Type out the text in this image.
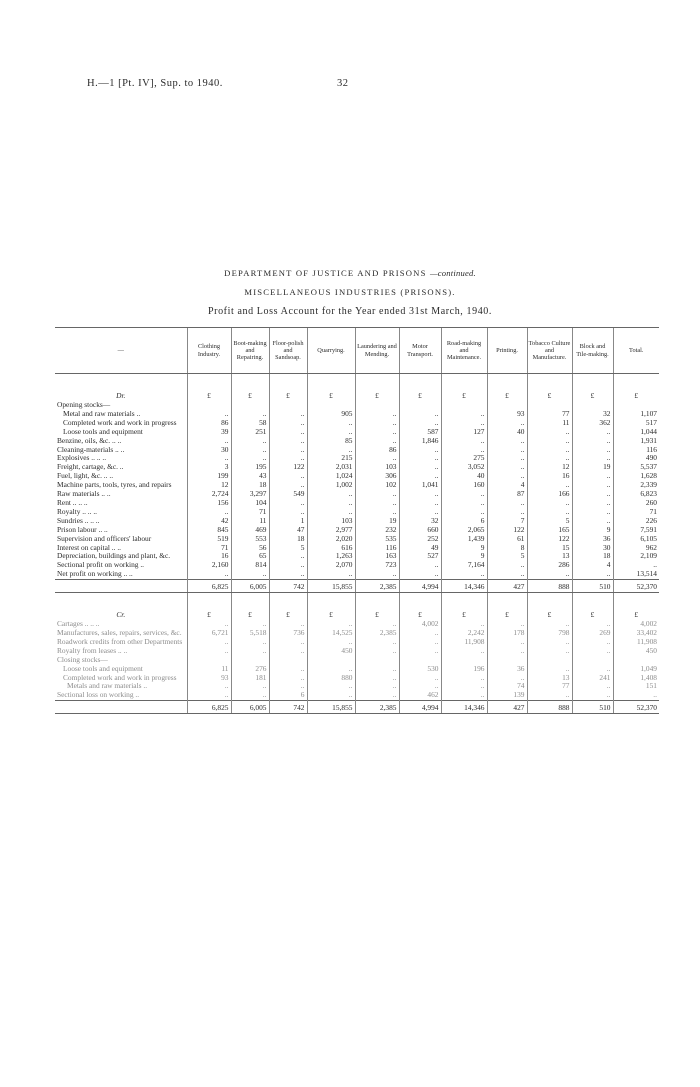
H.—1 [Pt. IV], Sup. to 1940.	32
DEPARTMENT OF JUSTICE AND PRISONS —continued.
MISCELLANEOUS INDUSTRIES (PRISONS).
Profit and Loss Account for the Year ended 31st March, 1940.
—	Clothing Industry.	Boot-making and Repairing.	Floor-polish and Sandsoap.	Quarrying.	Laundering and Mending.	Motor Transport.	Road-making and Maintenance.	Printing.	Tobacco Culture and Manufacture.	Block and Tile-making.	Total.

Dr.	£	£	£	£	£	£	£	£	£	£	£
Opening stocks—											
Metal and raw materials ..	..	..	..	905	..	..	..	93	77	32	1,107
Completed work and work in progress	86	58	..	..	..	..	..	..	11	362	517
Loose tools and equipment	39	251	..	..	..	587	127	40	..	..	1,044
Benzine, oils, &c. .. ..	..	..	..	85	..	1,846	..	..	..	..	1,931
Cleaning-materials .. ..	30	..	..	..	86	..	..	..	..	..	116
Explosives .. .. ..	..	..	..	215	..	..	275	..	..	..	490
Freight, cartage, &c. ..	3	195	122	2,031	103	..	3,052	..	12	19	5,537
Fuel, light, &c. .. ..	199	43	..	1,024	306	..	40	..	16	..	1,628
Machine parts, tools, tyres, and repairs	12	18	..	1,002	102	1,041	160	4	..	..	2,339
Raw materials .. ..	2,724	3,297	549	..	..	..	..	87	166	..	6,823
Rent .. .. ..	156	104	..	..	..	..	..	..	..	..	260
Royalty .. .. ..	..	71	..	..	..	..	..	..	..	..	71
Sundries .. .. ..	42	11	1	103	19	32	6	7	5	..	226
Prison labour .. ..	845	469	47	2,977	232	660	2,065	122	165	9	7,591
Supervision and officers' labour	519	553	18	2,020	535	252	1,439	61	122	36	6,105
Interest on capital .. ..	71	56	5	616	116	49	9	8	15	30	962
Depreciation, buildings and plant, &c.	16	65	..	1,263	163	527	9	5	13	18	2,109
Sectional profit on working ..	2,160	814	..	2,070	723	..	7,164	..	286	4	..
Net profit on working .. ..	..	..	..	..	..	..	..	..	..	..	13,514
	6,825	6,005	742	15,855	2,385	4,994	14,346	427	888	510	52,370

Cr.	£	£	£	£	£	£	£	£	£	£	£
Cartages .. .. ..	..	..	..	..	..	4,002	..	..	..	..	4,002
Manufactures, sales, repairs, services, &c.	6,721	5,518	736	14,525	2,385	..	2,242	178	798	269	33,402
Roadwork credits from other Departments	..	..	..	..	..	..	11,908	..	..	..	11,908
Royalty from leases .. ..	..	..	..	450	..	..	..	..	..	..	450
Closing stocks—											
Loose tools and equipment	11	276	..	..	..	530	196	36	..	..	1,049
Completed work and work in progress	93	181	..	880	..	..	..	..	13	241	1,408
Metals and raw materials ..	..	..	..	..	..	..	..	74	77	..	151
Sectional loss on working ..	..	..	6	..	..	462	..	139	..	..	..
	6,825	6,005	742	15,855	2,385	4,994	14,346	427	888	510	52,370
